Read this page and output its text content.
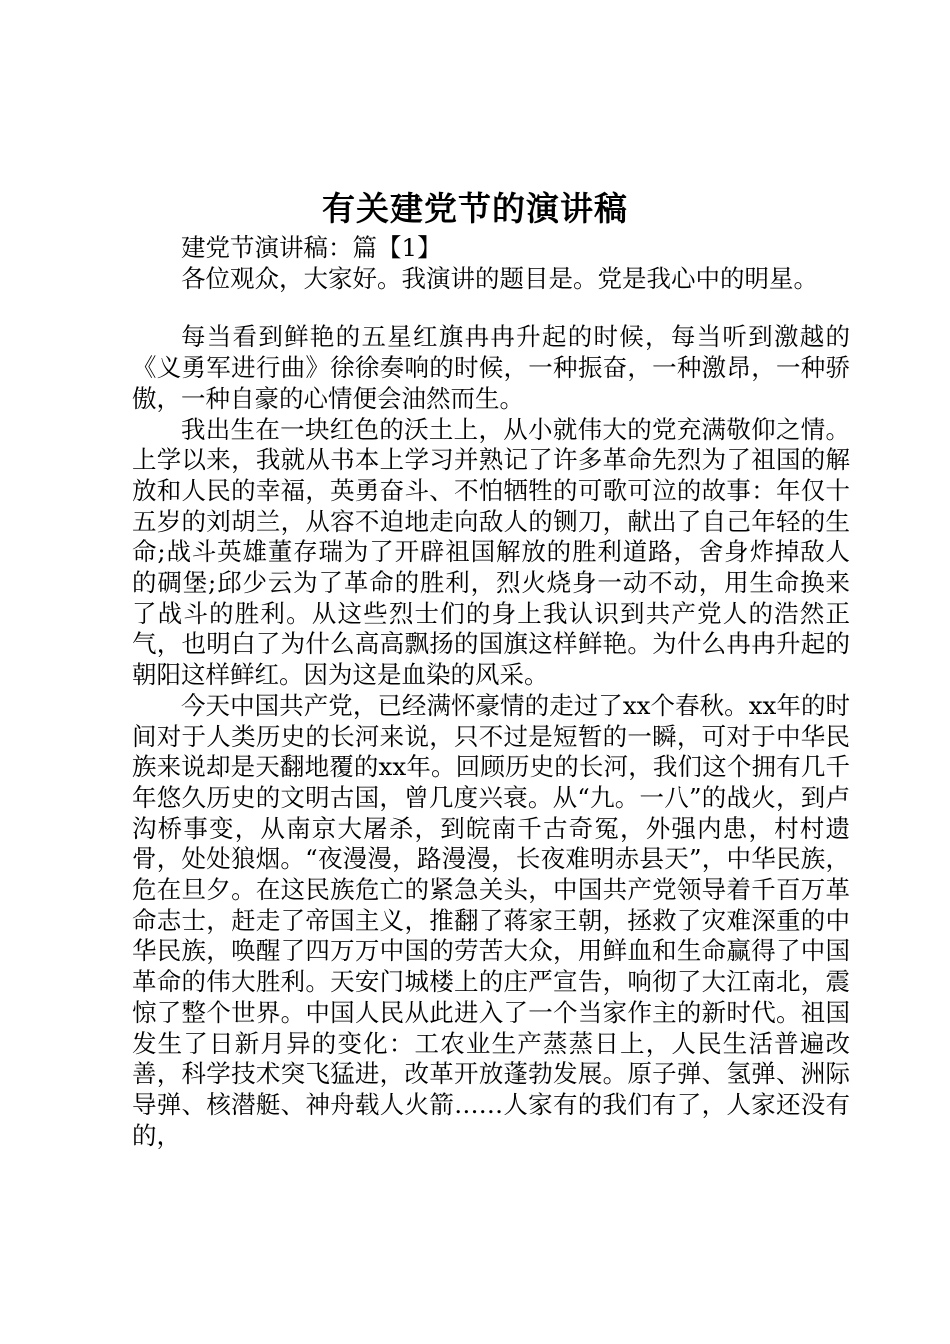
有关建党节的演讲稿

建党节演讲稿：篇【1】

各位观众，大家好。我演讲的题目是。党是我心中的明星。

每当看到鲜艳的五星红旗冉冉升起的时候，每当听到激越的《义勇军进行曲》徐徐奏响的时候，一种振奋，一种激昂，一种骄傲，一种自豪的心情便会油然而生。

我出生在一块红色的沃土上，从小就伟大的党充满敬仰之情。上学以来，我就从书本上学习并熟记了许多革命先烈为了祖国的解放和人民的幸福，英勇奋斗、不怕牺牲的可歌可泣的故事：年仅十五岁的刘胡兰，从容不迫地走向敌人的铡刀，献出了自己年轻的生命;战斗英雄董存瑞为了开辟祖国解放的胜利道路，舍身炸掉敌人的碉堡;邱少云为了革命的胜利，烈火烧身一动不动，用生命换来了战斗的胜利。从这些烈士们的身上我认识到共产党人的浩然正气，也明白了为什么高高飘扬的国旗这样鲜艳。为什么冉冉升起的朝阳这样鲜红。因为这是血染的风采。

今天中国共产党，已经满怀豪情的走过了xx个春秋。xx年的时间对于人类历史的长河来说，只不过是短暂的一瞬，可对于中华民族来说却是天翻地覆的xx年。回顾历史的长河，我们这个拥有几千年悠久历史的文明古国，曾几度兴衰。从“九。一八”的战火，到卢沟桥事变，从南京大屠杀，到皖南千古奇冤，外强内患，村村遗骨，处处狼烟。“夜漫漫，路漫漫，长夜难明赤县天”，中华民族，危在旦夕。在这民族危亡的紧急关头，中国共产党领导着千百万革命志士，赶走了帝国主义，推翻了蒋家王朝，拯救了灾难深重的中华民族，唤醒了四万万中国的劳苦大众，用鲜血和生命赢得了中国革命的伟大胜利。天安门城楼上的庄严宣告，响彻了大江南北，震惊了整个世界。中国人民从此进入了一个当家作主的新时代。祖国发生了日新月异的变化：工农业生产蒸蒸日上，人民生活普遍改善，科学技术突飞猛进，改革开放蓬勃发展。原子弹、氢弹、洲际导弹、核潜艇、神舟载人火箭……人家有的我们有了，人家还没有的，
